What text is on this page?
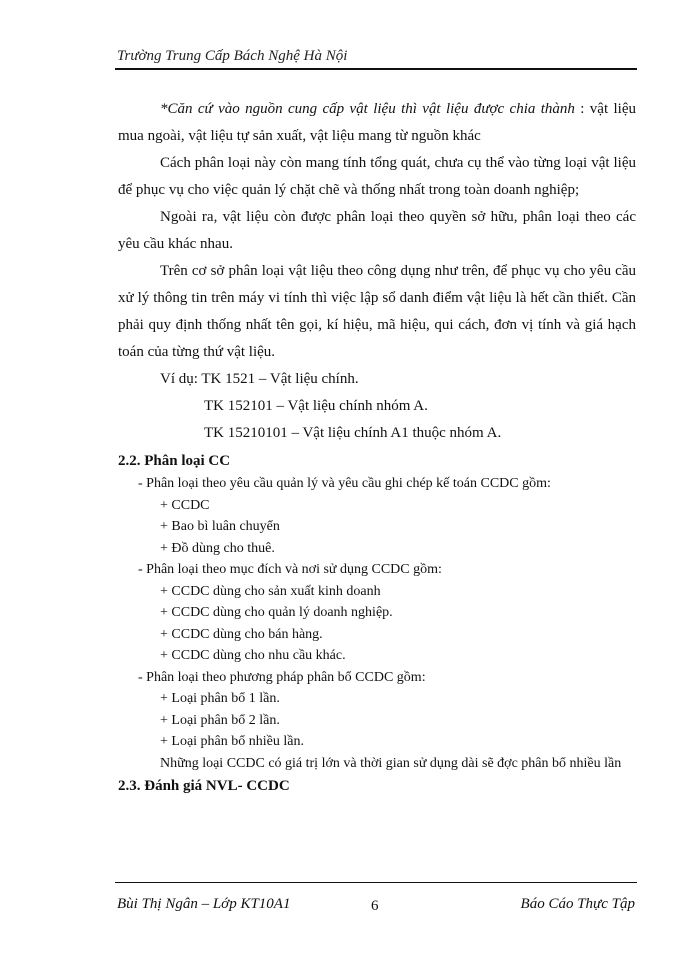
Trường Trung Cấp Bách Nghệ Hà Nội

*Căn cứ vào nguồn cung cấp vật liệu thì vật liệu được chia thành : vật liệu mua ngoài, vật liệu tự sản xuất, vật liệu mang từ nguồn khác

Cách phân loại này còn mang tính tổng quát, chưa cụ thể vào từng loại vật liệu để phục vụ cho việc quản lý chặt chẽ và thống nhất trong toàn doanh nghiệp;

Ngoài ra, vật liệu còn được phân loại theo quyền sở hữu, phân loại theo các yêu cầu khác nhau.

Trên cơ sở phân loại vật liệu theo công dụng như trên, để phục vụ cho yêu cầu xử lý thông tin trên máy vi tính thì việc lập sổ danh điểm vật liệu là hết cần thiết. Cần phải quy định thống nhất tên gọi, kí hiệu, mã hiệu, qui cách, đơn vị tính và giá hạch toán của từng thứ vật liệu.

Ví dụ: TK 1521 – Vật liệu chính.

TK 152101 – Vật liệu chính nhóm A.

TK 15210101 – Vật liệu chính A1 thuộc nhóm A.

2.2. Phân loại CC

- Phân loại theo yêu cầu quản lý và yêu cầu ghi chép kế toán CCDC gồm:

+ CCDC

+ Bao bì luân chuyển

+ Đồ dùng cho thuê.

- Phân loại theo mục đích và nơi sử dụng CCDC gồm:

+ CCDC dùng cho sản xuất kinh doanh

+ CCDC dùng cho quản lý doanh nghiệp.

+ CCDC dùng cho bán hàng.

+ CCDC dùng cho nhu cầu khác.

- Phân loại theo phương pháp phân bổ CCDC gồm:

+ Loại phân bổ 1 lần.

+ Loại phân bổ 2 lần.

+ Loại phân bổ nhiều lần.

Những loại CCDC có giá trị lớn và thời gian sử dụng dài sẽ đợc phân bổ nhiều lần

2.3. Đánh giá NVL- CCDC

Bùi Thị Ngân – Lớp KT10A1	6	Báo Cáo Thực Tập
